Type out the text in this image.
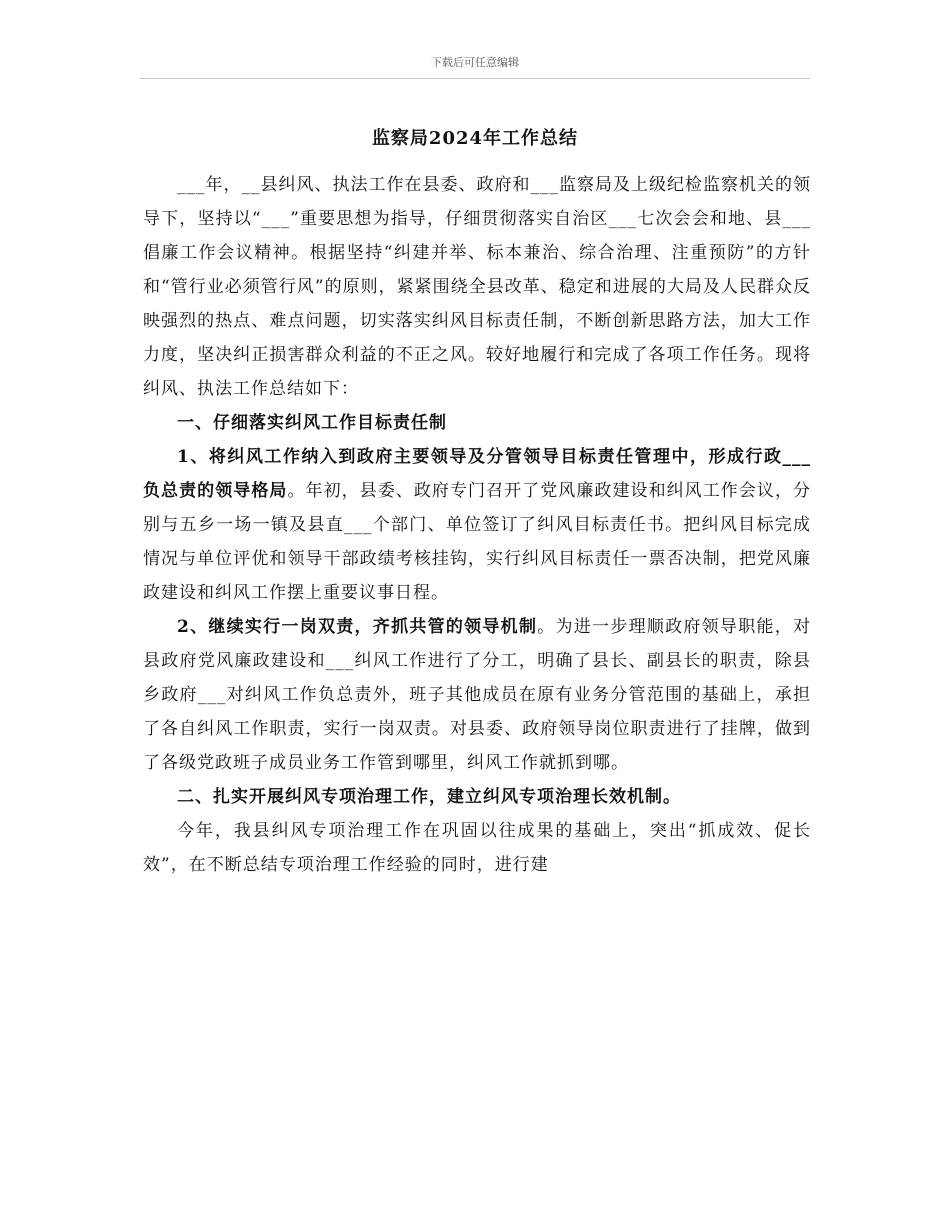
下载后可任意编辑
监察局2024年工作总结

___年，__县纠风、执法工作在县委、政府和___监察局及上级纪检监察机关的领导下，坚持以“___”重要思想为指导，仔细贯彻落实自治区___七次会会和地、县___倡廉工作会议精神。根据坚持“纠建并举、标本兼治、综合治理、注重预防”的方针和“管行业必须管行风”的原则，紧紧围绕全县改革、稳定和进展的大局及人民群众反映强烈的热点、难点问题，切实落实纠风目标责任制，不断创新思路方法，加大工作力度，坚决纠正损害群众利益的不正之风。较好地履行和完成了各项工作任务。现将纠风、执法工作总结如下：

一、仔细落实纠风工作目标责任制

1、将纠风工作纳入到政府主要领导及分管领导目标责任管理中，形成行政___负总责的领导格局。年初，县委、政府专门召开了党风廉政建设和纠风工作会议，分别与五乡一场一镇及县直___个部门、单位签订了纠风目标责任书。把纠风目标完成情况与单位评优和领导干部政绩考核挂钩，实行纠风目标责任一票否决制，把党风廉政建设和纠风工作摆上重要议事日程。

2、继续实行一岗双责，齐抓共管的领导机制。为进一步理顺政府领导职能，对县政府党风廉政建设和___纠风工作进行了分工，明确了县长、副县长的职责，除县乡政府___对纠风工作负总责外，班子其他成员在原有业务分管范围的基础上，承担了各自纠风工作职责，实行一岗双责。对县委、政府领导岗位职责进行了挂牌，做到了各级党政班子成员业务工作管到哪里，纠风工作就抓到哪。

二、扎实开展纠风专项治理工作，建立纠风专项治理长效机制。

今年，我县纠风专项治理工作在巩固以往成果的基础上，突出“抓成效、促长效”，在不断总结专项治理工作经验的同时，进行建
